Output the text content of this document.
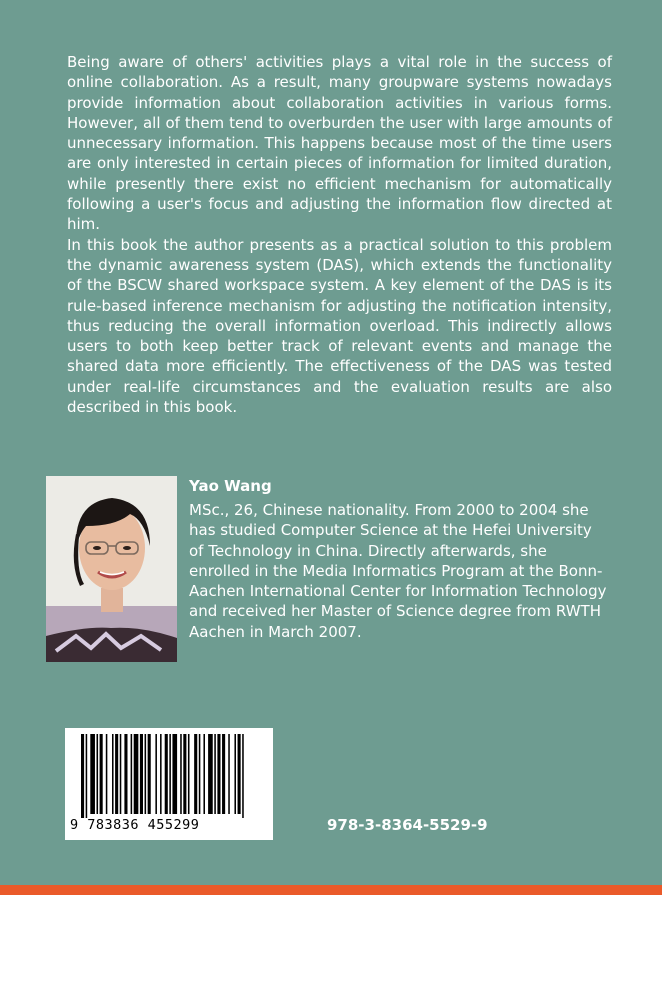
Being aware of others' activities plays a vital role in the success of online collaboration. As a result, many groupware systems nowadays provide information about collaboration activities in various forms. However, all of them tend to overburden the user with large amounts of unnecessary information. This happens because most of the time users are only interested in certain pieces of information for limited duration, while presently there exist no efficient mechanism for automatically following a user's focus and adjusting the information flow directed at him.

In this book the author presents as a practical solution to this problem the dynamic awareness system (DAS), which extends the functionality of the BSCW shared workspace system. A key element of the DAS is its rule-based inference mechanism for adjusting the notification intensity, thus reducing the overall information overload. This indirectly allows users to both keep better track of relevant events and manage the shared data more efficiently. The effectiveness of the DAS was tested under real-life circumstances and the evaluation results are also described in this book.

Yao Wang
MSc., 26, Chinese nationality. From 2000 to 2004 she has studied Computer Science at the Hefei University of Technology in China. Directly afterwards, she enrolled in the Media Informatics Program at the Bonn-Aachen International Center for Information Technology and received her Master of Science degree from RWTH Aachen in March 2007.
9 783836 455299	978-3-8364-5529-9
